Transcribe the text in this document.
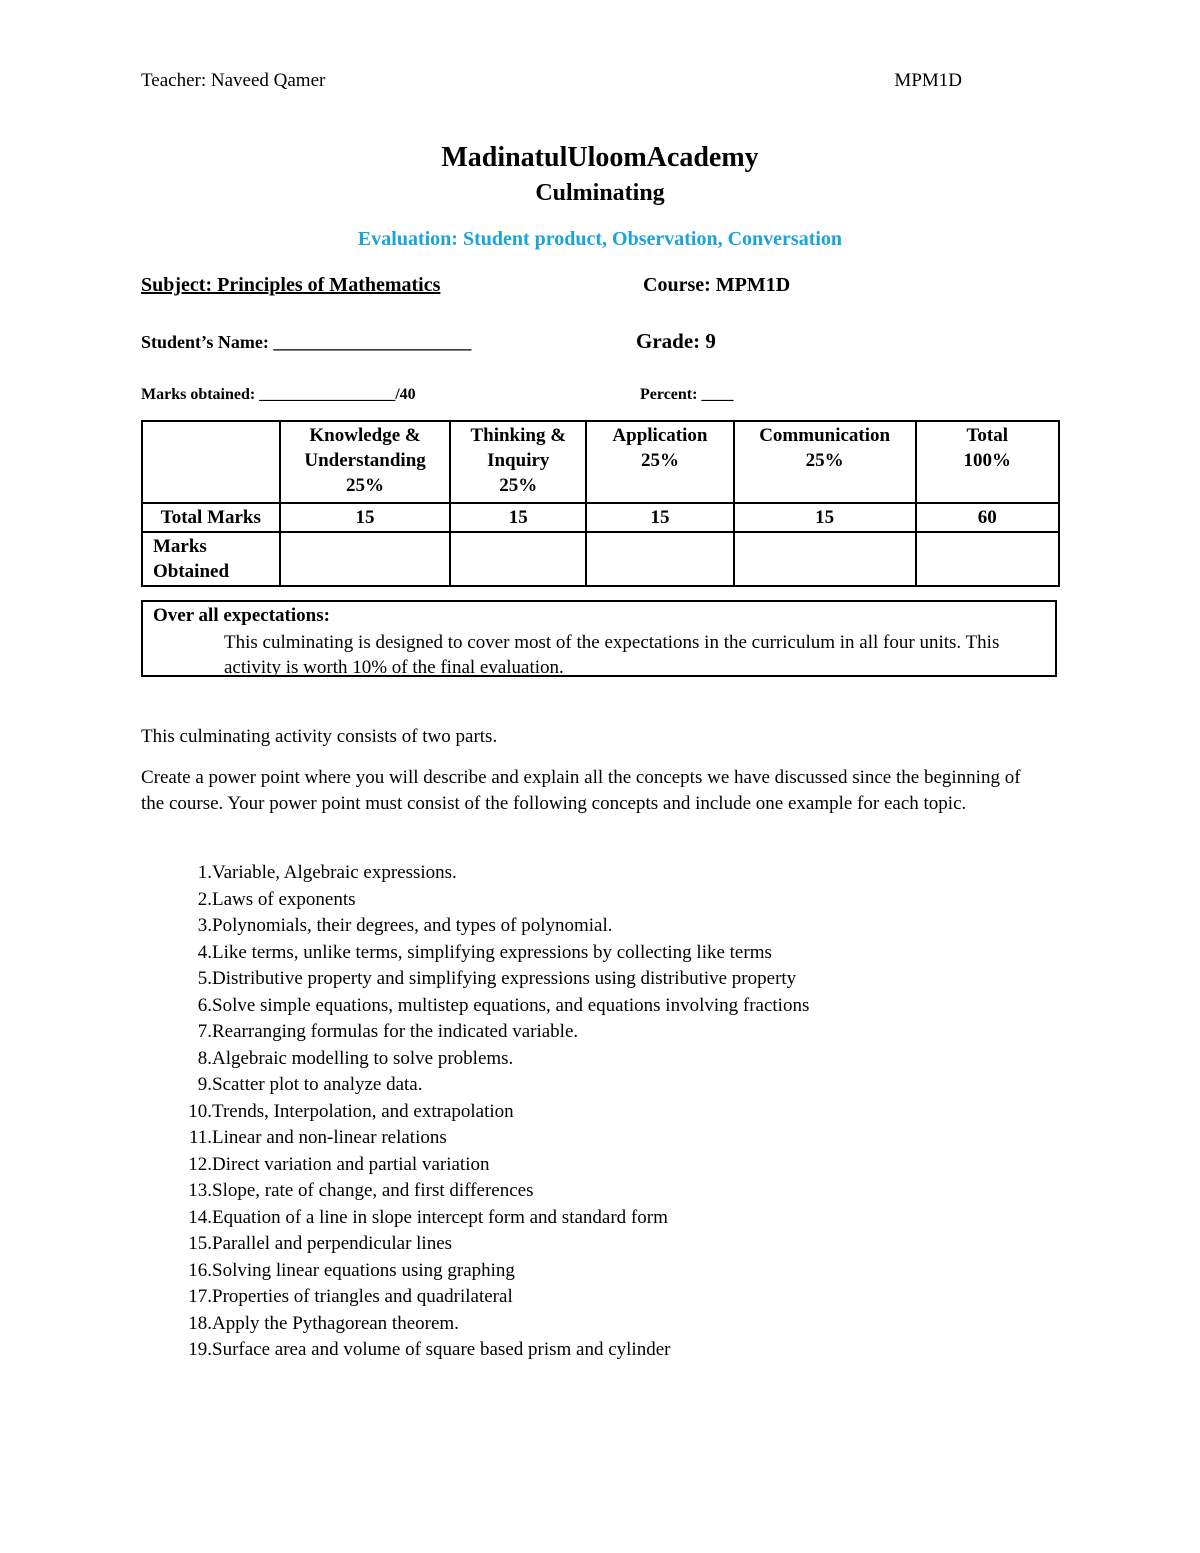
Teacher: Naveed Qamer	MPM1D
MadinatulUloomAcademy
Culminating
Evaluation: Student product, Observation, Conversation
Subject: Principles of Mathematics	Course: MPM1D
Student’s Name: ______________________	Grade: 9
Marks obtained: _________________/40	Percent: ____
	Knowledge &
Understanding
25%	Thinking &
Inquiry
25%	Application
25%	Communication
25%	Total
100%
Total Marks	15	15	15	15	60
Marks
Obtained					
Over all expectations:
This culminating is designed to cover most of the expectations in the curriculum in all four units. This activity is worth 10% of the final evaluation.
This culminating activity consists of two parts.
Create a power point where you will describe and explain all the concepts we have discussed since the beginning of the course. Your power point must consist of the following concepts and include one example for each topic.
1.Variable, Algebraic expressions.
2.Laws of exponents
3.Polynomials, their degrees, and types of polynomial.
4.Like terms, unlike terms, simplifying expressions by collecting like terms
5.Distributive property and simplifying expressions using distributive property
6.Solve simple equations, multistep equations, and equations involving fractions
7.Rearranging formulas for the indicated variable.
8.Algebraic modelling to solve problems.
9.Scatter plot to analyze data.
10.Trends, Interpolation, and extrapolation
11.Linear and non-linear relations
12.Direct variation and partial variation
13.Slope, rate of change, and first differences
14.Equation of a line in slope intercept form and standard form
15.Parallel and perpendicular lines
16.Solving linear equations using graphing
17.Properties of triangles and quadrilateral
18.Apply the Pythagorean theorem.
19.Surface area and volume of square based prism and cylinder
